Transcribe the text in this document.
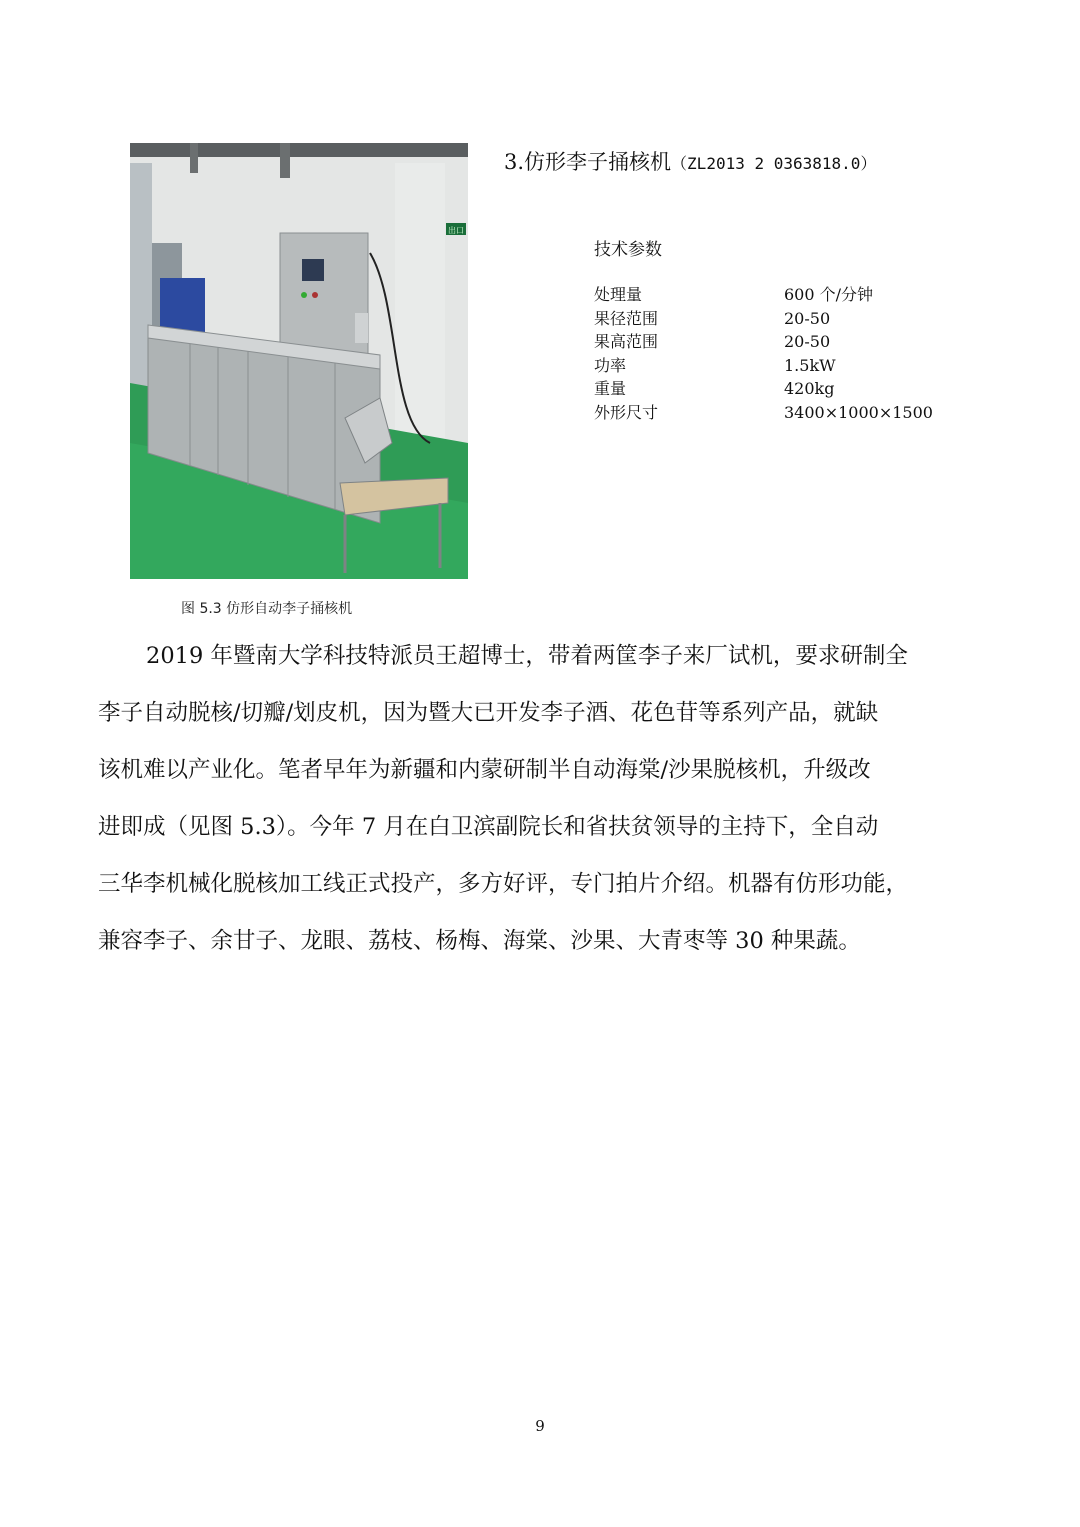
出口
图 5.3 仿形自动李子捅核机
3.仿形李子捅核机（ZL2013 2 0363818.0）
技术参数
处理量	600 个/分钟
果径范围	20-50
果高范围	20-50
功率	1.5kW
重量	420kg
外形尺寸	3400×1000×1500
2019 年暨南大学科技特派员王超博士，带着两筐李子来厂试机，要求研制全
李子自动脱核/切瓣/划皮机，因为暨大已开发李子酒、花色苷等系列产品，就缺
该机难以产业化。笔者早年为新疆和内蒙研制半自动海棠/沙果脱核机，升级改
进即成（见图 5.3）。今年 7 月在白卫滨副院长和省扶贫领导的主持下，全自动
三华李机械化脱核加工线正式投产，多方好评，专门拍片介绍。机器有仿形功能，
兼容李子、余甘子、龙眼、荔枝、杨梅、海棠、沙果、大青枣等 30 种果蔬。
9
